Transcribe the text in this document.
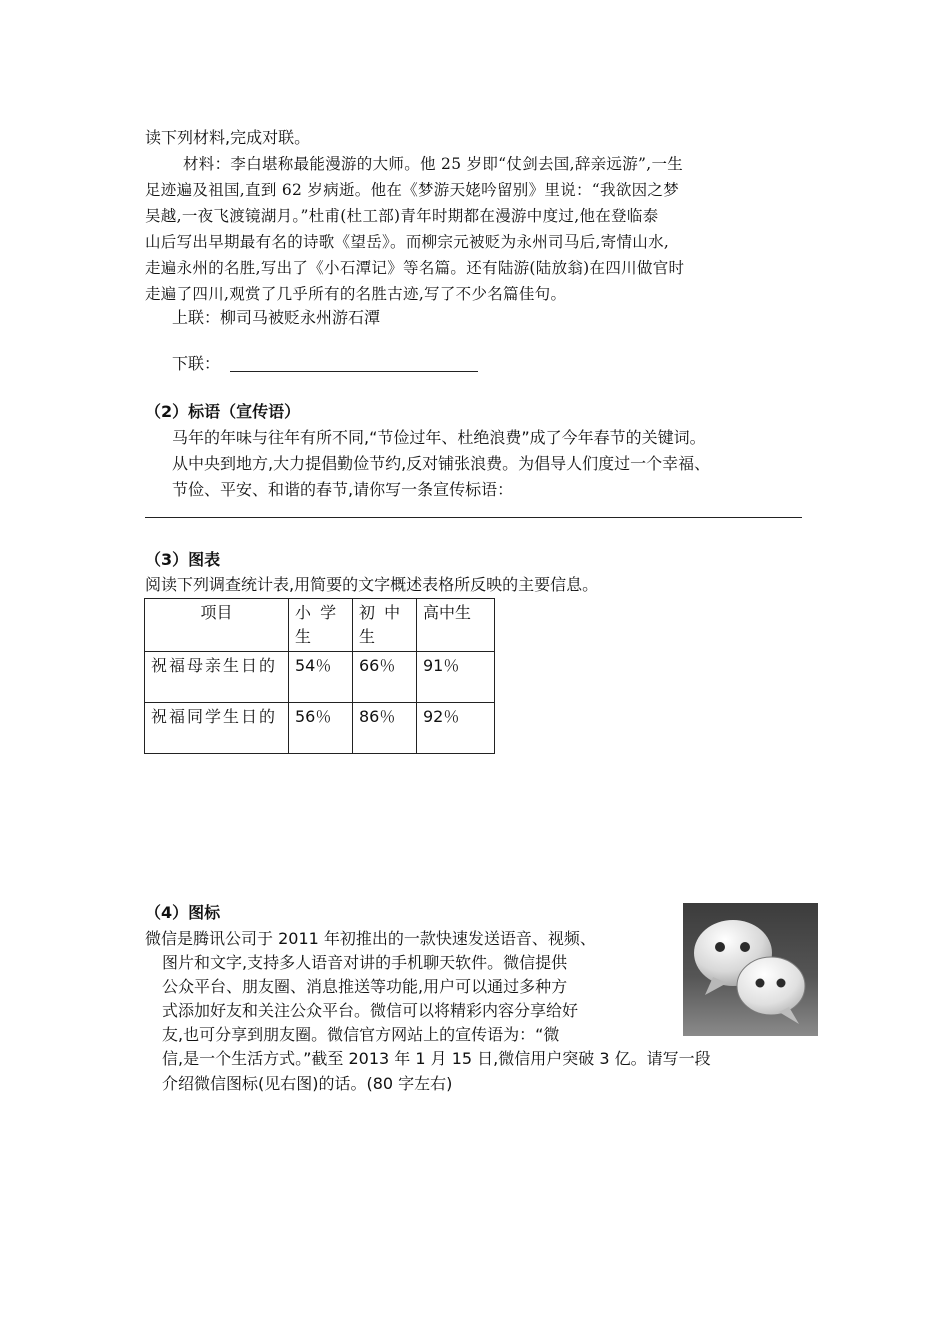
读下列材料,完成对联。
材料：李白堪称最能漫游的大师。他 25 岁即“仗剑去国,辞亲远游”,一生
足迹遍及祖国,直到 62 岁病逝。他在《梦游天姥吟留别》里说：“我欲因之梦
吴越,一夜飞渡镜湖月。”杜甫(杜工部)青年时期都在漫游中度过,他在登临泰
山后写出早期最有名的诗歌《望岳》。而柳宗元被贬为永州司马后,寄情山水,
走遍永州的名胜,写出了《小石潭记》等名篇。还有陆游(陆放翁)在四川做官时
走遍了四川,观赏了几乎所有的名胜古迹,写了不少名篇佳句。
上联：柳司马被贬永州游石潭
下联：
（2）标语（宣传语）
马年的年味与往年有所不同,“节俭过年、杜绝浪费”成了今年春节的关键词。
从中央到地方,大力提倡勤俭节约,反对铺张浪费。为倡导人们度过一个幸福、
节俭、平安、和谐的春节,请你写一条宣传标语：
（3）图表
阅读下列调查统计表,用简要的文字概述表格所反映的主要信息。
项目	小 学 生	初 中 生	高中生
祝福母亲生日的	54％	66％	91％
祝福同学生日的	56％	86％	92％
（4）图标
微信是腾讯公司于 2011 年初推出的一款快速发送语音、视频、
图片和文字,支持多人语音对讲的手机聊天软件。微信提供
公众平台、朋友圈、消息推送等功能,用户可以通过多种方
式添加好友和关注公众平台。微信可以将精彩内容分享给好
友,也可分享到朋友圈。微信官方网站上的宣传语为：“微
信,是一个生活方式。”截至 2013 年 1 月 15 日,微信用户突破 3 亿。请写一段
介绍微信图标(见右图)的话。(80 字左右)
